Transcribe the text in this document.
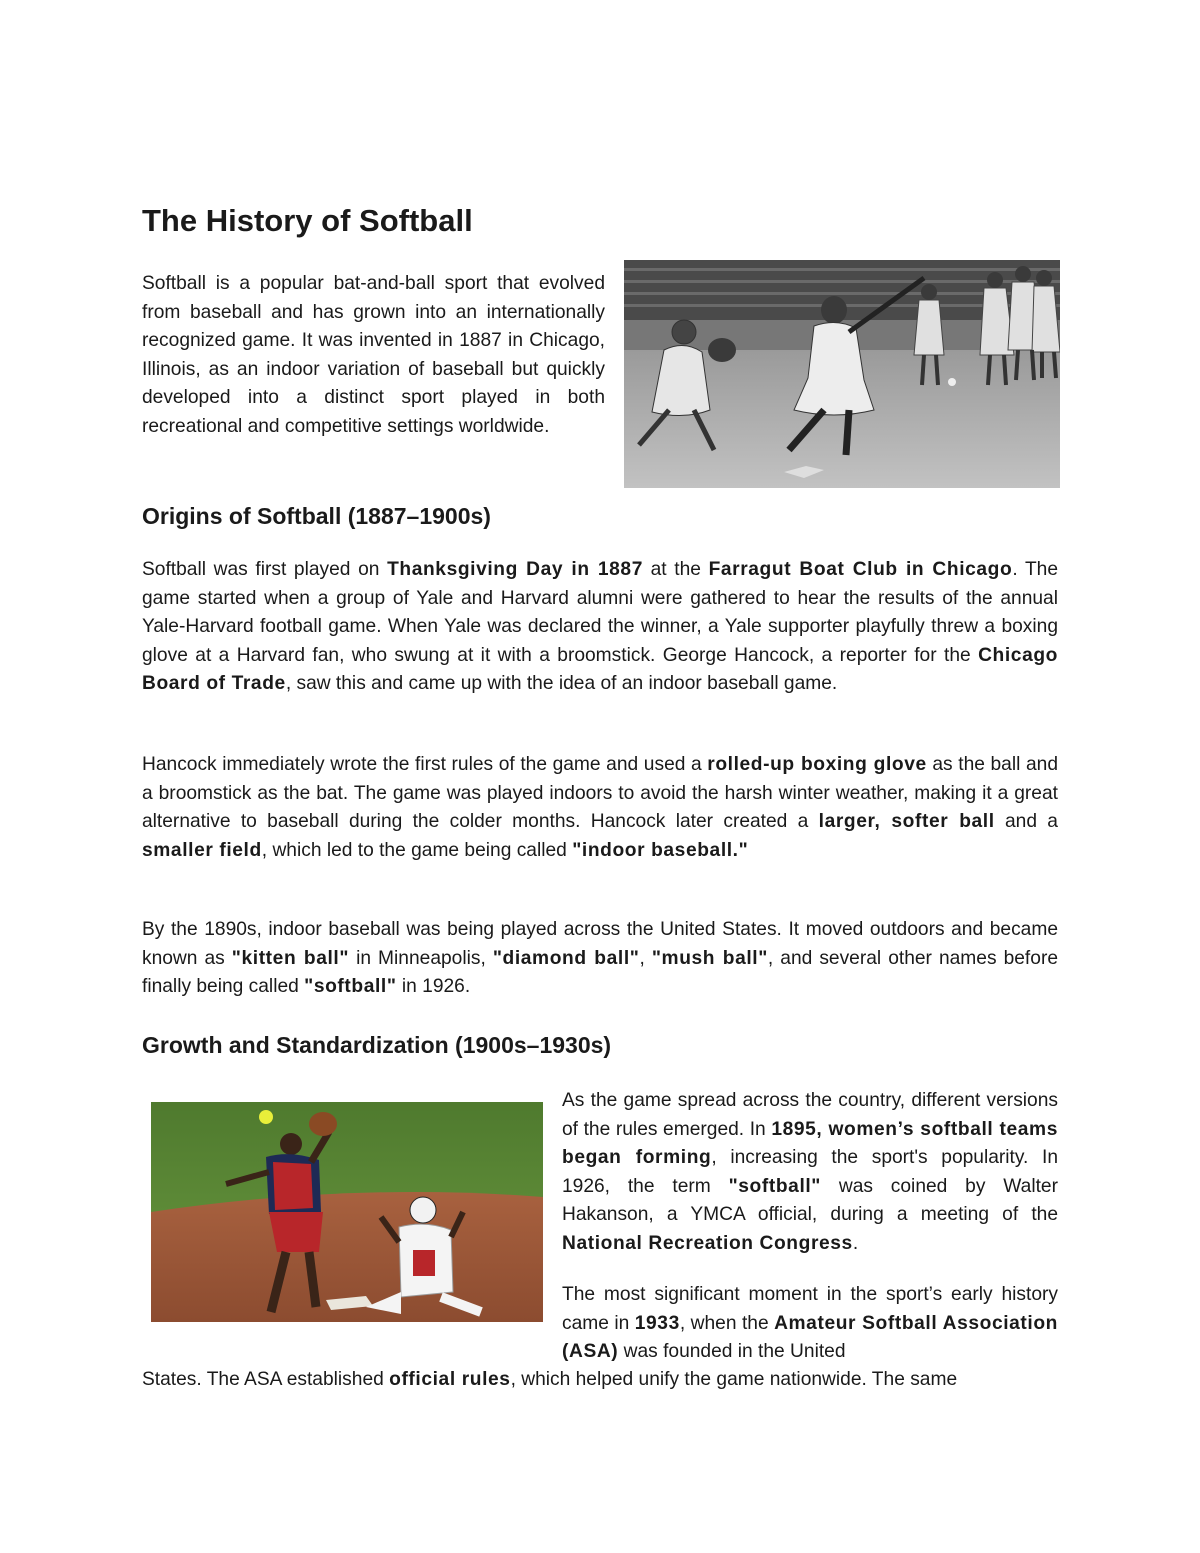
The History of Softball

Softball is a popular bat-and-ball sport that evolved from baseball and has grown into an internationally recognized game. It was invented in 1887 in Chicago, Illinois, as an indoor variation of baseball but quickly developed into a distinct sport played in both recreational and competitive settings worldwide.

Origins of Softball (1887–1900s)

Softball was first played on Thanksgiving Day in 1887 at the Farragut Boat Club in Chicago. The game started when a group of Yale and Harvard alumni were gathered to hear the results of the annual Yale-Harvard football game. When Yale was declared the winner, a Yale supporter playfully threw a boxing glove at a Harvard fan, who swung at it with a broomstick. George Hancock, a reporter for the Chicago Board of Trade, saw this and came up with the idea of an indoor baseball game.

Hancock immediately wrote the first rules of the game and used a rolled-up boxing glove as the ball and a broomstick as the bat. The game was played indoors to avoid the harsh winter weather, making it a great alternative to baseball during the colder months. Hancock later created a larger, softer ball and a smaller field, which led to the game being called "indoor baseball."

By the 1890s, indoor baseball was being played across the United States. It moved outdoors and became known as "kitten ball" in Minneapolis, "diamond ball", "mush ball", and several other names before finally being called "softball" in 1926.

Growth and Standardization (1900s–1930s)

As the game spread across the country, different versions of the rules emerged. In 1895, women’s softball teams began forming, increasing the sport's popularity. In 1926, the term "softball" was coined by Walter Hakanson, a YMCA official, during a meeting of the National Recreation Congress.

The most significant moment in the sport’s early history came in 1933, when the Amateur Softball Association (ASA) was founded in the United

States. The ASA established official rules, which helped unify the game nationwide. The same
